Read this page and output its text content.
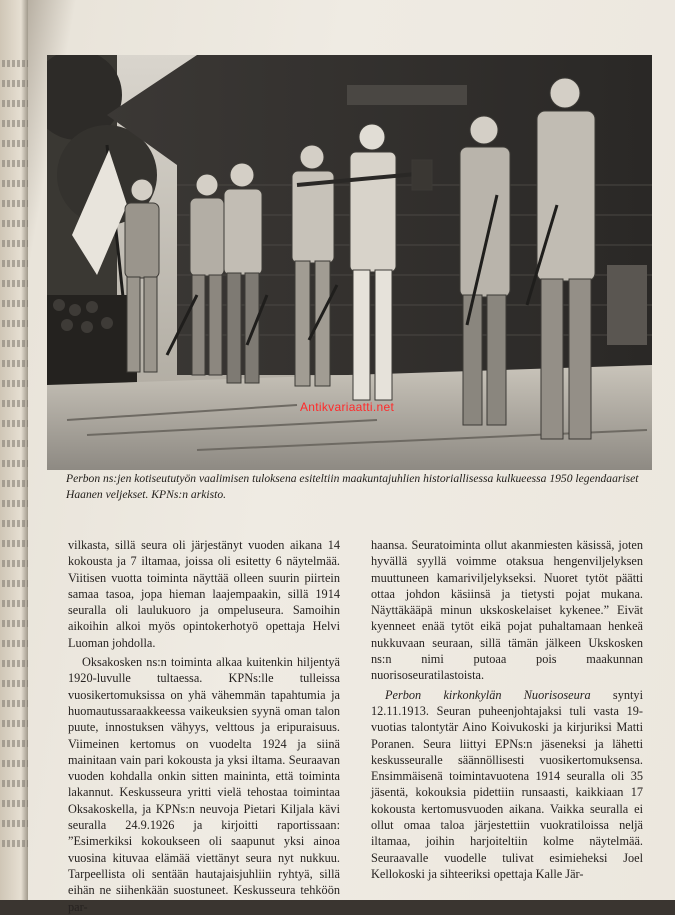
Antikvariaatti.net

Perbon ns:jen kotiseututyön vaalimisen tuloksena esiteltiin maakuntajuhlien historiallisessa kulkueessa 1950 legendaariset Haanen veljekset. KPNs:n arkisto.

vilkasta, sillä seura oli järjestänyt vuoden aikana 14 kokousta ja 7 iltamaa, joissa oli esitetty 6 näytelmää. Viitisen vuotta toiminta näyttää olleen suurin piirtein samaa tasoa, jopa hieman laajempaakin, sillä 1914 seuralla oli laulukuoro ja ompeluseura. Samoihin aikoihin alkoi myös opintokerhotyö opettaja Helvi Luoman johdolla.

Oksakosken ns:n toiminta alkaa kuitenkin hiljentyä 1920-luvulle tultaessa. KPNs:lle tulleissa vuosikertomuksissa on yhä vähemmän tapahtumia ja huomautussaraakkeessa vaikeuksien syynä oman talon puute, innostuksen vähyys, velttous ja eripuraisuus. Viimeinen kertomus on vuodelta 1924 ja siinä mainitaan vain pari kokousta ja yksi iltama. Seuraavan vuoden kohdalla onkin sitten maininta, että toiminta lakannut. Keskusseura yritti vielä tehostaa toimintaa Oksakoskella, ja KPNs:n neuvoja Pietari Kiljala kävi seuralla 24.9.1926 ja kirjoitti raportissaan: ”Esimerkiksi kokoukseen oli saapunut yksi ainoa vuosina kituvaa elämää viettänyt seura nyt nukkuu. Tarpeellista oli sentään hautajaisjuhliin ryhtyä, sillä eihän ne siihenkään suostuneet. Keskusseura tehköön par-

haansa. Seuratoiminta ollut akanmiesten käsissä, joten hyvällä syyllä voimme otaksua hengenviljelyksen muuttuneen kamariviljelykseksi. Nuoret tytöt päätti ottaa johdon käsiinsä ja tietysti pojat mukana. Näyttäkääpä minun ukskoskelaiset kykenee.” Eivät kyenneet enää tytöt eikä pojat puhaltamaan henkeä nukkuvaan seuraan, sillä tämän jälkeen Ukskosken ns:n nimi putoaa pois maakunnan nuorisoseuratilastoista.

Perbon kirkonkylän Nuorisoseura syntyi 12.11.1913. Seuran puheenjohtajaksi tuli vasta 19-vuotias talontytär Aino Koivukoski ja kirjuriksi Matti Poranen. Seura liittyi EPNs:n jäseneksi ja lähetti keskusseuralle säännöllisesti vuosikertomuksensa. Ensimmäisenä toimintavuotena 1914 seuralla oli 35 jäsentä, kokouksia pidettiin runsaasti, kaikkiaan 17 kokousta kertomusvuoden aikana. Vaikka seuralla ei ollut omaa taloa järjestettiin vuokratiloissa neljä iltamaa, joihin harjoiteltiin kolme näytelmää. Seuraavalle vuodelle tulivat esimieheksi Joel Kellokoski ja sihteeriksi opettaja Kalle Jär-
